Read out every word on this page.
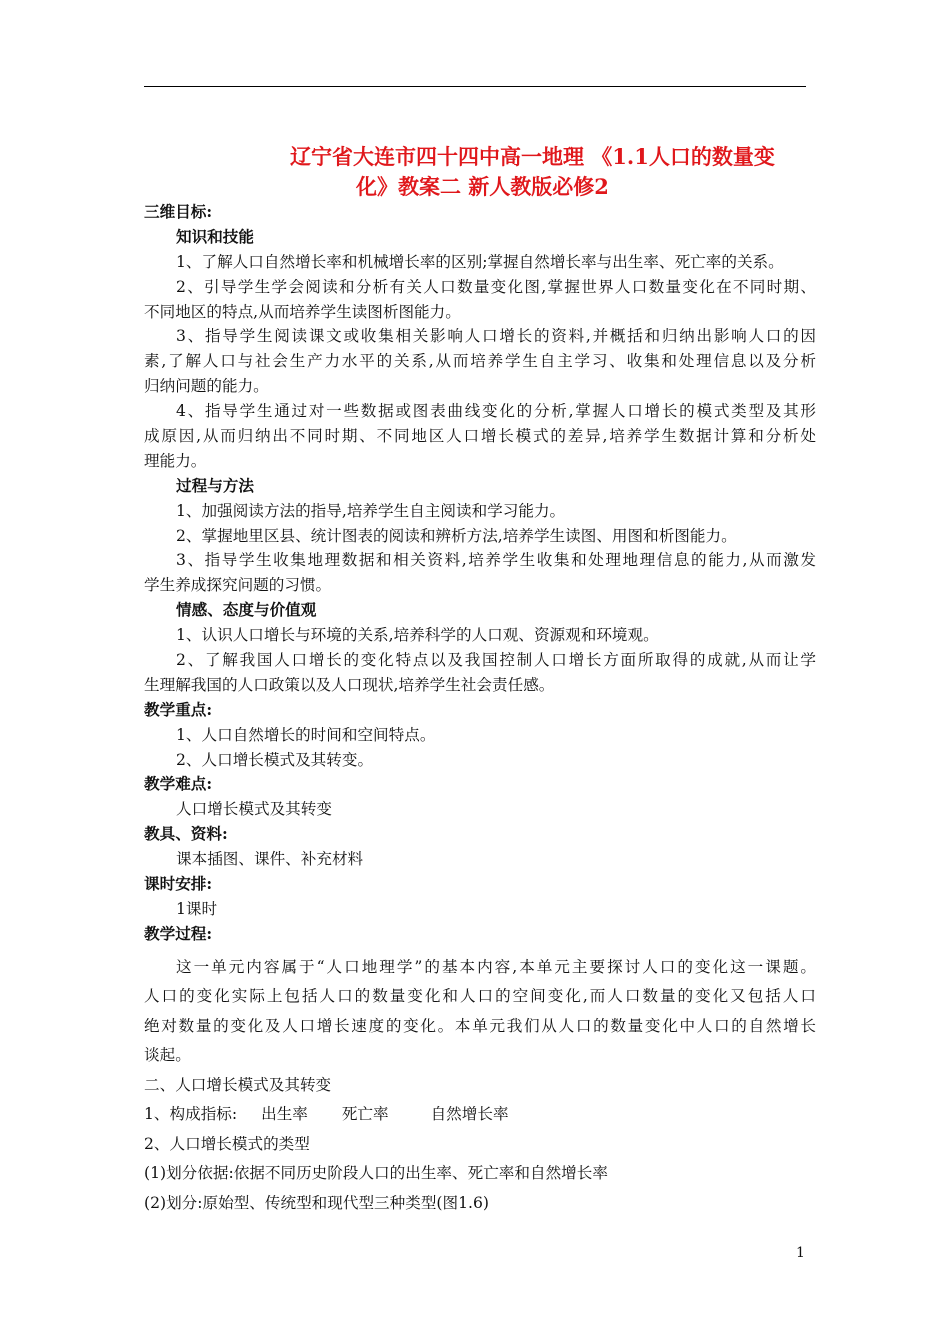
辽宁省大连市四十四中高一地理 《1.1人口的数量变
化》教案二 新人教版必修2
三维目标:
知识和技能
1、了解人口自然增长率和机械增长率的区别;掌握自然增长率与出生率、死亡率的关系。
2、引导学生学会阅读和分析有关人口数量变化图,掌握世界人口数量变化在不同时期、
不同地区的特点,从而培养学生读图析图能力。
3、指导学生阅读课文或收集相关影响人口增长的资料,并概括和归纳出影响人口的因
素,了解人口与社会生产力水平的关系,从而培养学生自主学习、收集和处理信息以及分析
归纳问题的能力。
4、指导学生通过对一些数据或图表曲线变化的分析,掌握人口增长的模式类型及其形
成原因,从而归纳出不同时期、不同地区人口增长模式的差异,培养学生数据计算和分析处
理能力。
过程与方法
1、加强阅读方法的指导,培养学生自主阅读和学习能力。
2、掌握地里区县、统计图表的阅读和辨析方法,培养学生读图、用图和析图能力。
3、指导学生收集地理数据和相关资料,培养学生收集和处理地理信息的能力,从而激发
学生养成探究问题的习惯。
情感、态度与价值观
1、认识人口增长与环境的关系,培养科学的人口观、资源观和环境观。
2、了解我国人口增长的变化特点以及我国控制人口增长方面所取得的成就,从而让学
生理解我国的人口政策以及人口现状,培养学生社会责任感。
教学重点:
1、人口自然增长的时间和空间特点。
2、人口增长模式及其转变。
教学难点:
人口增长模式及其转变
教具、资料:
课本插图、课件、补充材料
课时安排:
1课时
教学过程:
这一单元内容属于“人口地理学”的基本内容,本单元主要探讨人口的变化这一课题。
人口的变化实际上包括人口的数量变化和人口的空间变化,而人口数量的变化又包括人口
绝对数量的变化及人口增长速度的变化。本单元我们从人口的数量变化中人口的自然增长
谈起。
二、人口增长模式及其转变
1、构成指标: 出生率 死亡率	自然增长率
2、人口增长模式的类型
(1)划分依据:依据不同历史阶段人口的出生率、死亡率和自然增长率
(2)划分:原始型、传统型和现代型三种类型(图1.6)
1
